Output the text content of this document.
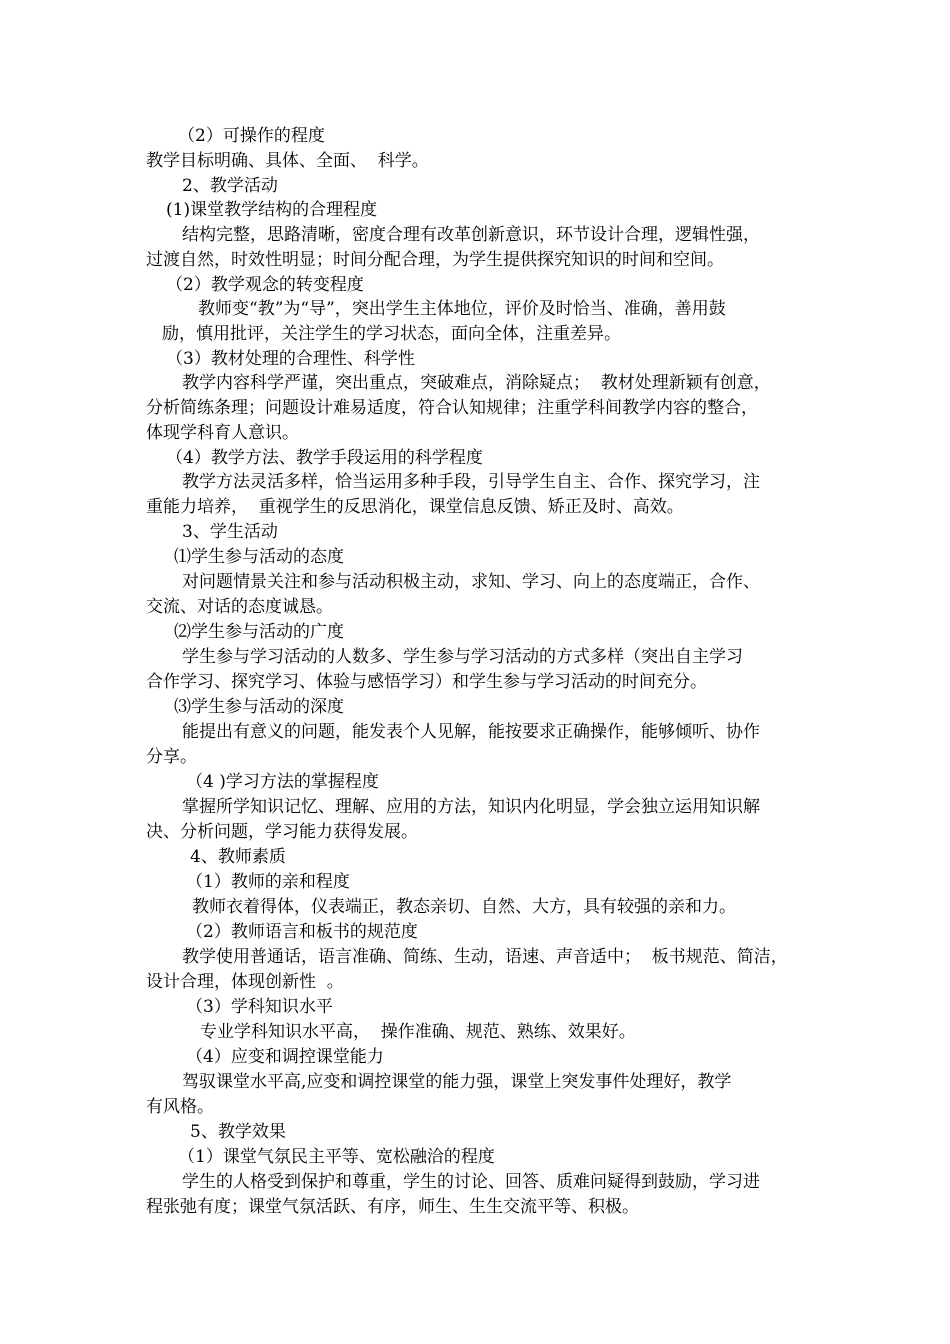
（2）可操作的程度
教学目标明确、具体、全面、  科学。
2、教学活动
(1)课堂教学结构的合理程度
结构完整，思路清晰，密度合理有改革创新意识，环节设计合理，逻辑性强，
过渡自然，时效性明显；时间分配合理，为学生提供探究知识的时间和空间。
（2）教学观念的转变程度
教师变“教”为“导”，突出学生主体地位，评价及时恰当、准确，善用鼓
励，慎用批评，关注学生的学习状态，面向全体，注重差异。
（3）教材处理的合理性、科学性
教学内容科学严谨，突出重点，突破难点，消除疑点；  教材处理新颖有创意，
分析简练条理；问题设计难易适度，符合认知规律；注重学科间教学内容的整合，
体现学科育人意识。
（4）教学方法、教学手段运用的科学程度
教学方法灵活多样，恰当运用多种手段，引导学生自主、合作、探究学习，注
重能力培养，  重视学生的反思消化，课堂信息反馈、矫正及时、高效。
3、学生活动
⑴学生参与活动的态度
对问题情景关注和参与活动积极主动，求知、学习、向上的态度端正，合作、
交流、对话的态度诚恳。
⑵学生参与活动的广度
学生参与学习活动的人数多、学生参与学习活动的方式多样（突出自主学习
合作学习、探究学习、体验与感悟学习）和学生参与学习活动的时间充分。
⑶学生参与活动的深度
能提出有意义的问题，能发表个人见解，能按要求正确操作，能够倾听、协作
分享。
（4 )学习方法的掌握程度
掌握所学知识记忆、理解、应用的方法，知识内化明显，学会独立运用知识解
决、分析问题，学习能力获得发展。
4、教师素质
（1）教师的亲和程度
教师衣着得体，仪表端正，教态亲切、自然、大方，具有较强的亲和力。
（2）教师语言和板书的规范度
教学使用普通话，语言准确、简练、生动，语速、声音适中；  板书规范、简洁，
设计合理，体现创新性  。
（3）学科知识水平
专业学科知识水平高，  操作准确、规范、熟练、效果好。
（4）应变和调控课堂能力
驾驭课堂水平高,应变和调控课堂的能力强，课堂上突发事件处理好，教学
有风格。
5、教学效果
（1）课堂气氛民主平等、宽松融洽的程度
学生的人格受到保护和尊重，学生的讨论、回答、质难问疑得到鼓励，学习进
程张弛有度；课堂气氛活跃、有序，师生、生生交流平等、积极。
